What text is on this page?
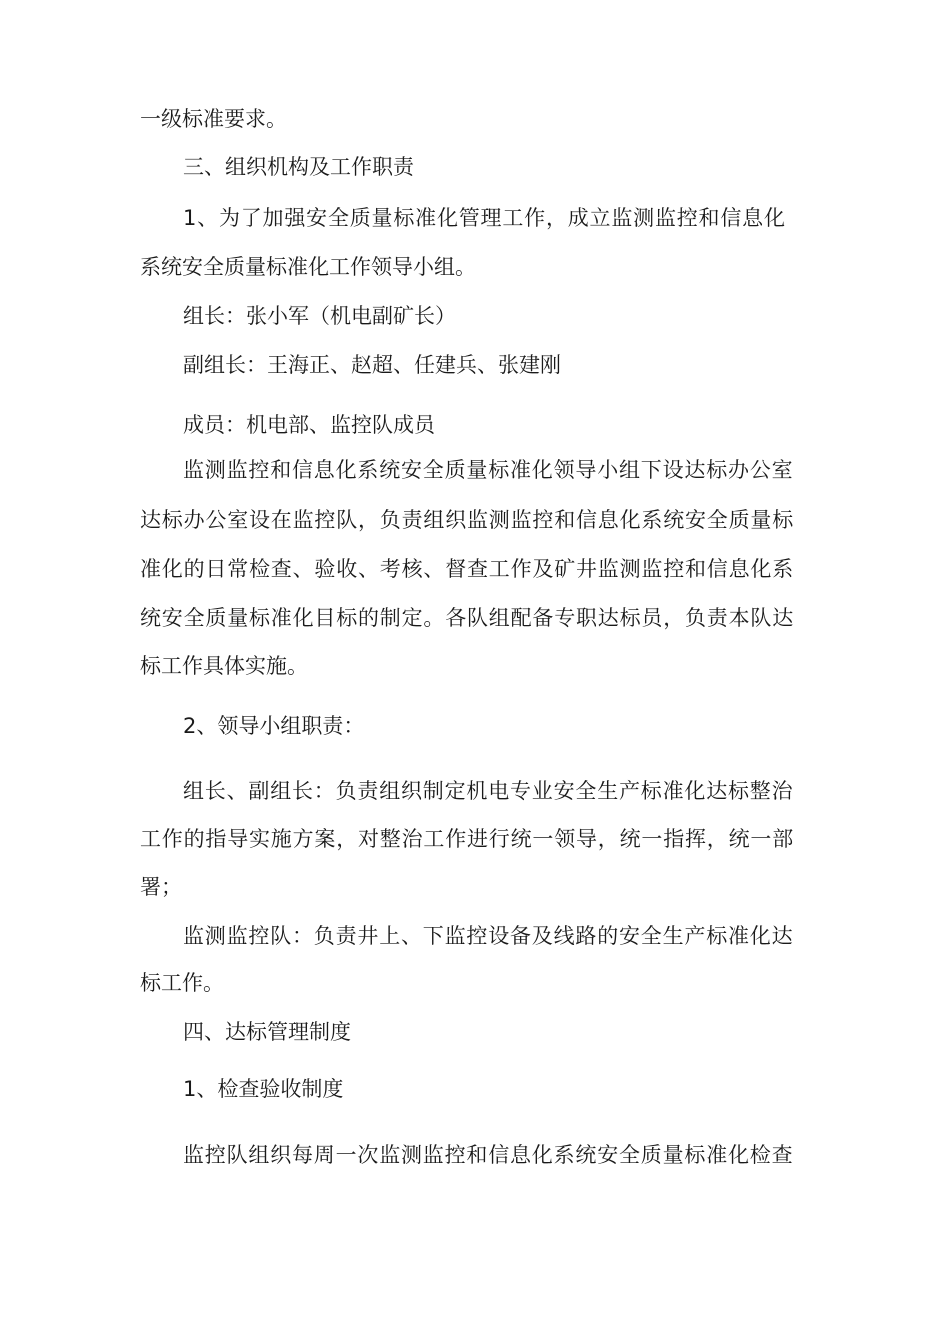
一级标准要求。
三、组织机构及工作职责
1、为了加强安全质量标准化管理工作，成立监测监控和信息化
系统安全质量标准化工作领导小组。
组长：张小军（机电副矿长）
副组长：王海正、赵超、任建兵、张建刚
成员：机电部、监控队成员
监测监控和信息化系统安全质量标准化领导小组下设达标办公室
达标办公室设在监控队，负责组织监测监控和信息化系统安全质量标
准化的日常检查、验收、考核、督查工作及矿井监测监控和信息化系
统安全质量标准化目标的制定。各队组配备专职达标员，负责本队达
标工作具体实施。
2、领导小组职责：
组长、副组长：负责组织制定机电专业安全生产标准化达标整治
工作的指导实施方案，对整治工作进行统一领导，统一指挥，统一部
署；
监测监控队：负责井上、下监控设备及线路的安全生产标准化达
标工作。
四、达标管理制度
1、检查验收制度
监控队组织每周一次监测监控和信息化系统安全质量标准化检查
